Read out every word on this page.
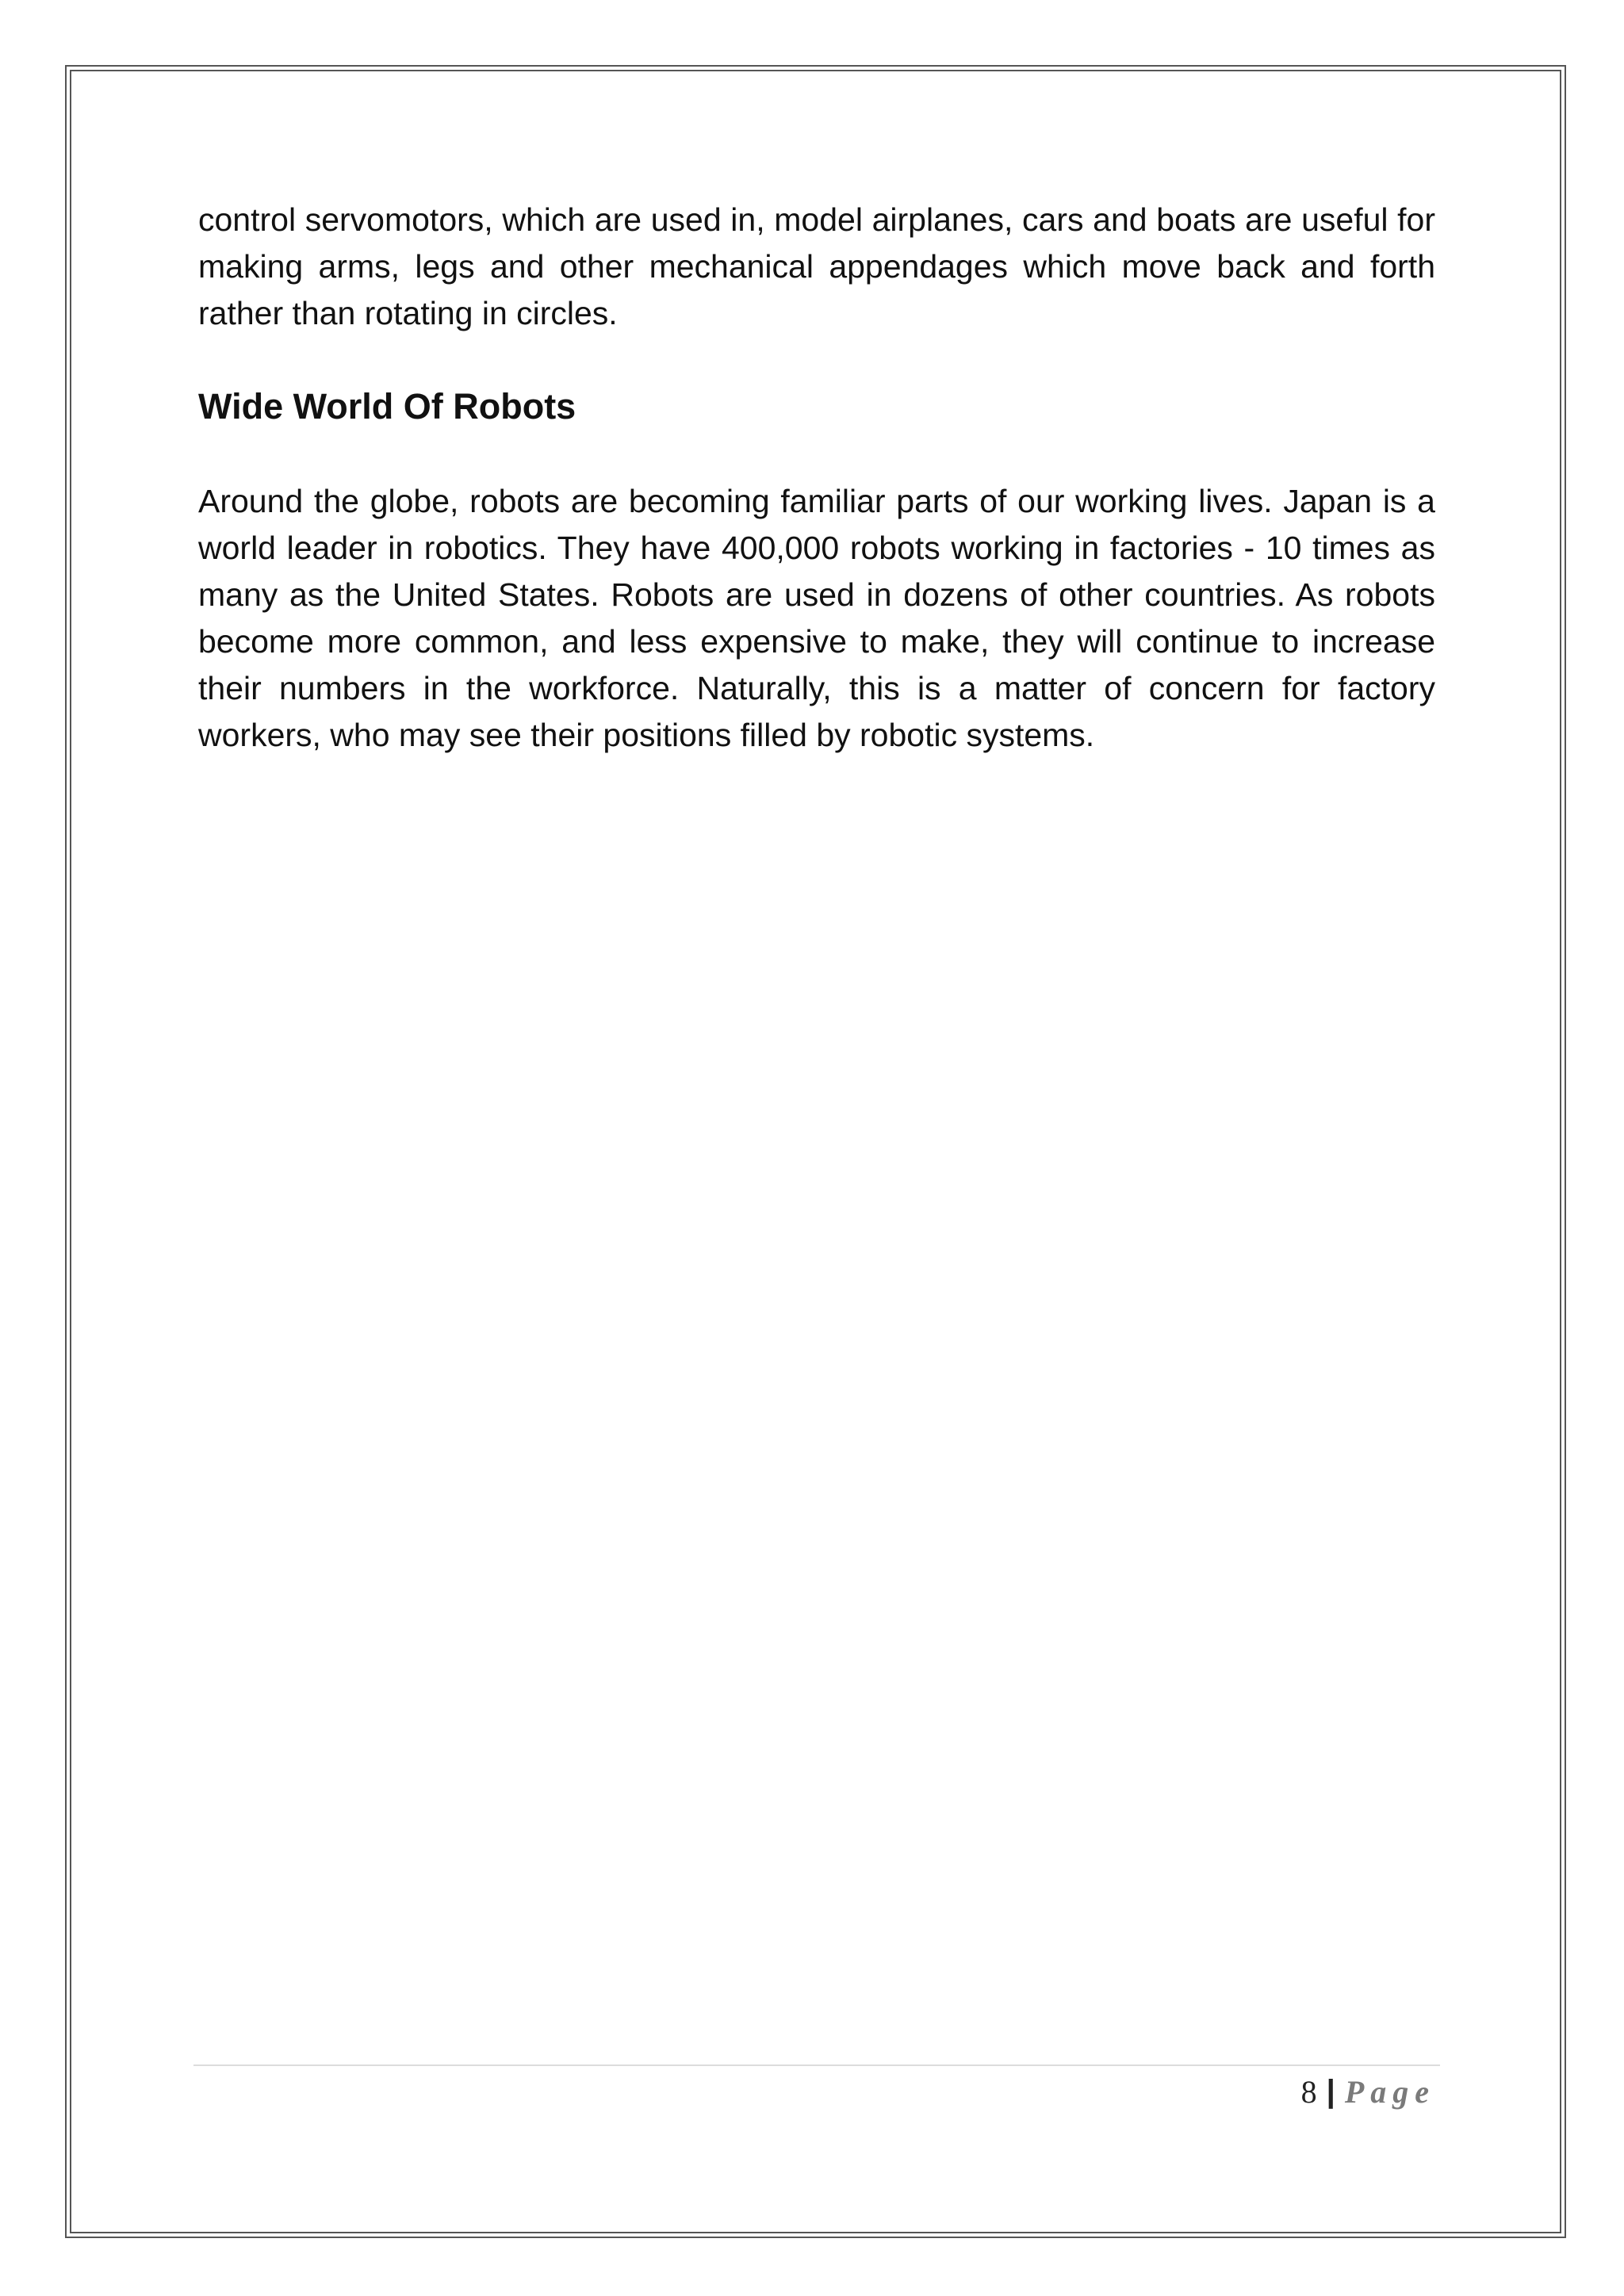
control servomotors, which are used in, model airplanes, cars and boats are useful for making arms, legs and other mechanical appendages which move back and forth rather than rotating in circles.

Wide World Of Robots

Around the globe, robots are becoming familiar parts of our working lives. Japan is a world leader in robotics. They have 400,000 robots working in factories - 10 times as many as the United States. Robots are used in dozens of other countries. As robots become more common, and less expensive to make, they will continue to increase their numbers in the workforce. Naturally, this is a matter of concern for factory workers, who may see their positions filled by robotic systems.

8 | Page
